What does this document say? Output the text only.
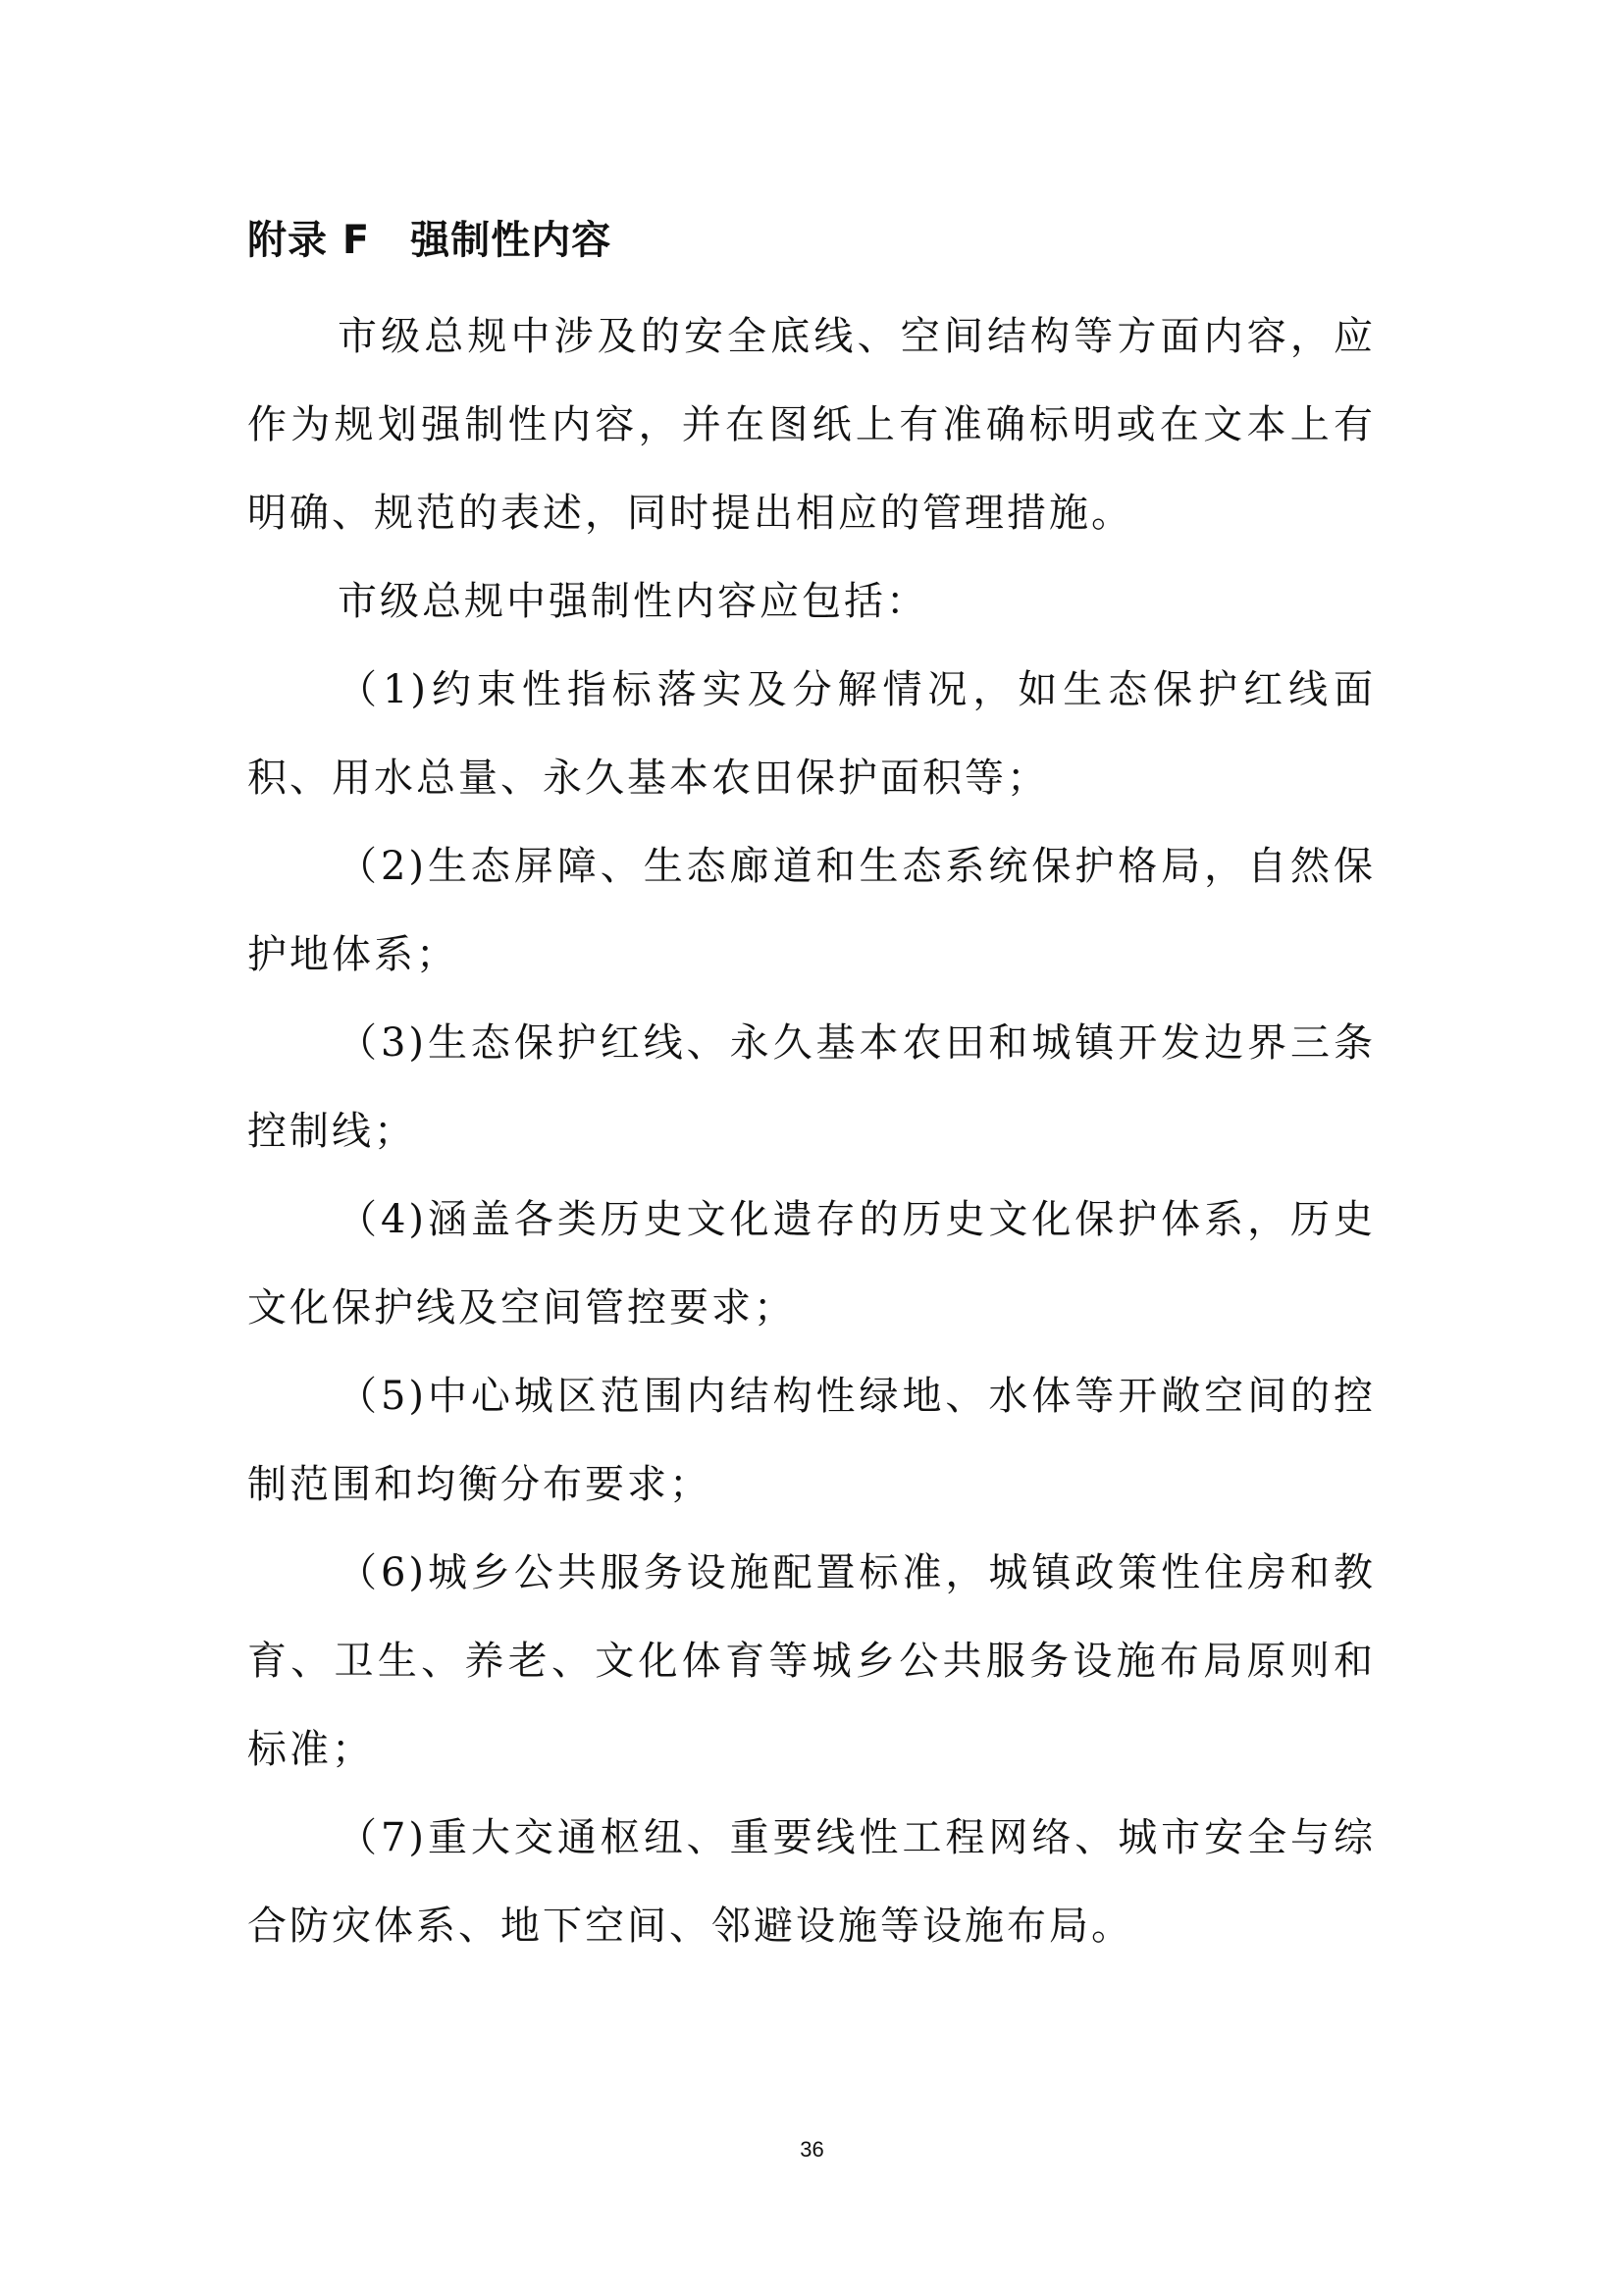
附录 F　强制性内容

市级总规中涉及的安全底线、空间结构等方面内容，应作为规划强制性内容，并在图纸上有准确标明或在文本上有明确、规范的表述，同时提出相应的管理措施。

市级总规中强制性内容应包括：

（1)约束性指标落实及分解情况，如生态保护红线面积、用水总量、永久基本农田保护面积等；

（2)生态屏障、生态廊道和生态系统保护格局，自然保护地体系；

（3)生态保护红线、永久基本农田和城镇开发边界三条控制线；

（4)涵盖各类历史文化遗存的历史文化保护体系，历史文化保护线及空间管控要求；

（5)中心城区范围内结构性绿地、水体等开敞空间的控制范围和均衡分布要求；

（6)城乡公共服务设施配置标准，城镇政策性住房和教育、卫生、养老、文化体育等城乡公共服务设施布局原则和标准；

（7)重大交通枢纽、重要线性工程网络、城市安全与综合防灾体系、地下空间、邻避设施等设施布局。

36
